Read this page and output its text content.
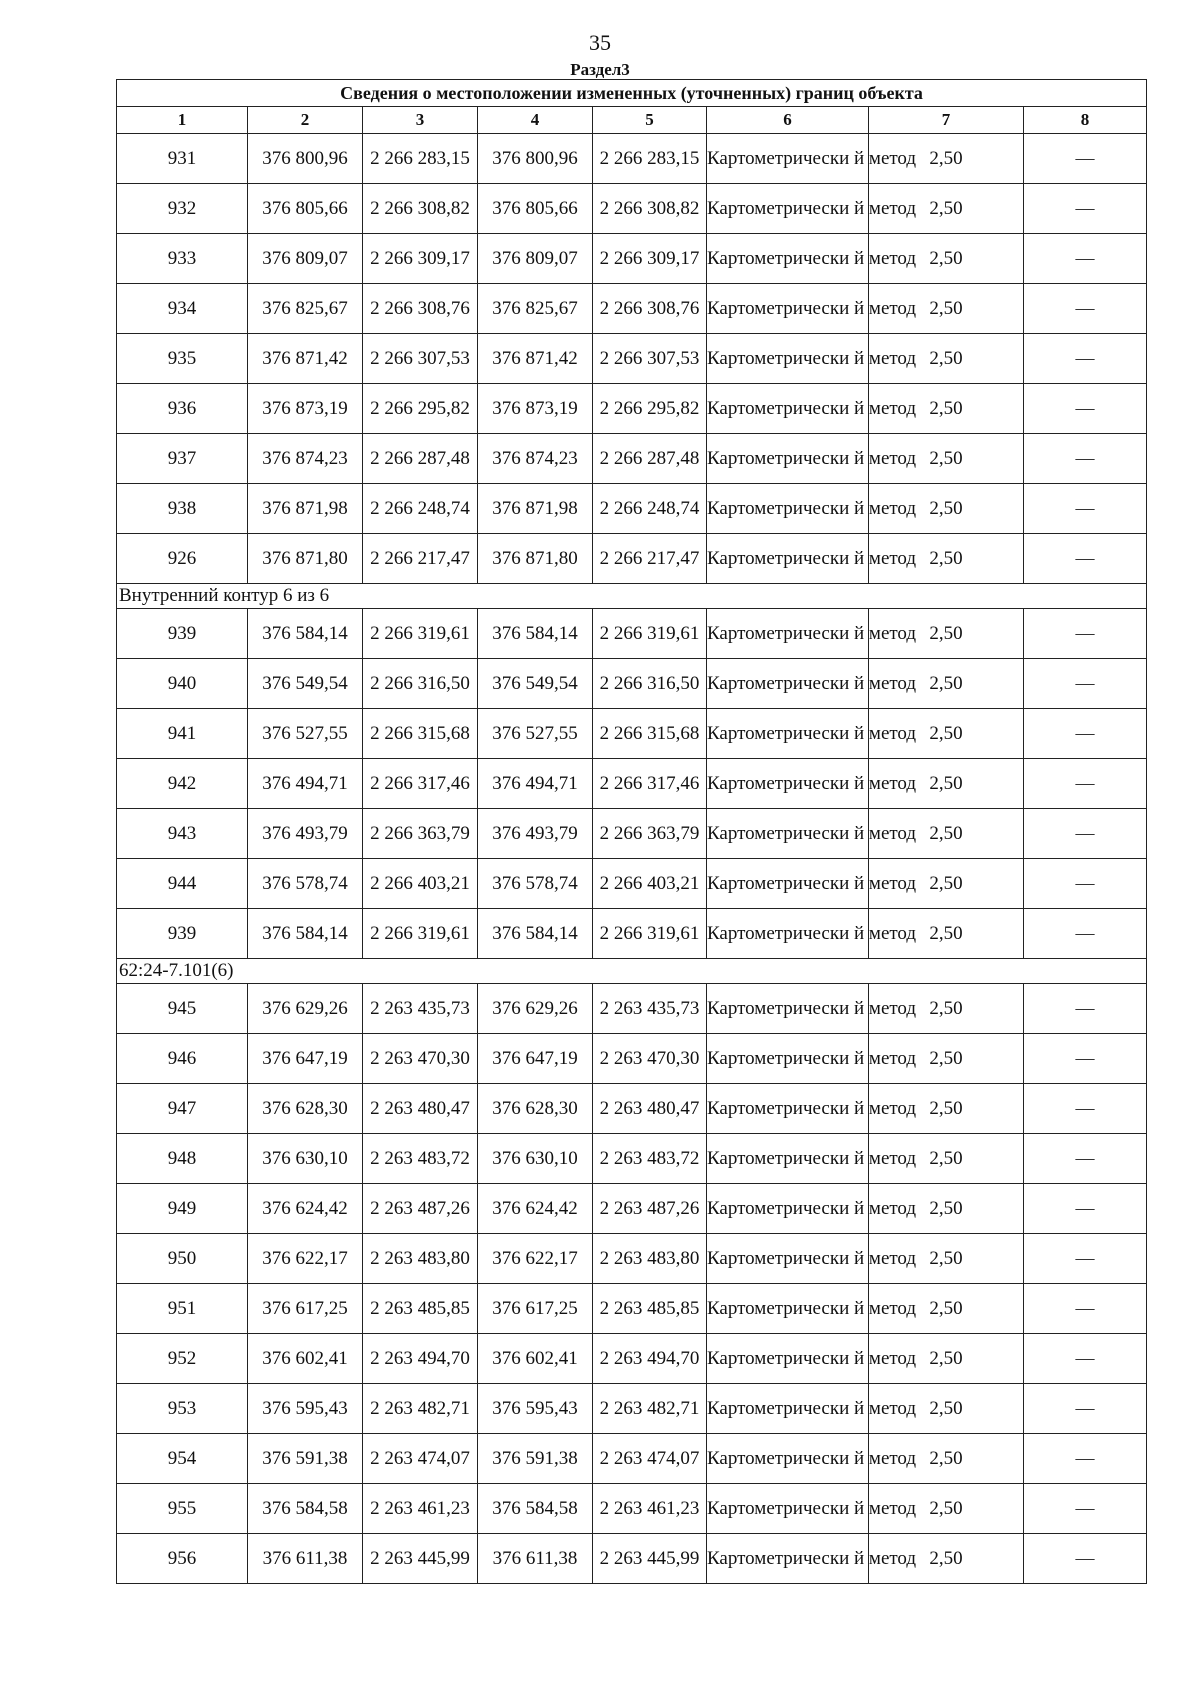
35
Раздел3
Сведения о местоположении измененных (уточненных) границ объекта							
1	2	3	4	5	6	7	8
931	376 800,96	2 266 283,15	376 800,96	2 266 283,15	Картометрически й метод	2,50	—
932	376 805,66	2 266 308,82	376 805,66	2 266 308,82	Картометрически й метод	2,50	—
933	376 809,07	2 266 309,17	376 809,07	2 266 309,17	Картометрически й метод	2,50	—
934	376 825,67	2 266 308,76	376 825,67	2 266 308,76	Картометрически й метод	2,50	—
935	376 871,42	2 266 307,53	376 871,42	2 266 307,53	Картометрически й метод	2,50	—
936	376 873,19	2 266 295,82	376 873,19	2 266 295,82	Картометрически й метод	2,50	—
937	376 874,23	2 266 287,48	376 874,23	2 266 287,48	Картометрически й метод	2,50	—
938	376 871,98	2 266 248,74	376 871,98	2 266 248,74	Картометрически й метод	2,50	—
926	376 871,80	2 266 217,47	376 871,80	2 266 217,47	Картометрически й метод	2,50	—
Внутренний контур 6 из 6							
939	376 584,14	2 266 319,61	376 584,14	2 266 319,61	Картометрически й метод	2,50	—
940	376 549,54	2 266 316,50	376 549,54	2 266 316,50	Картометрически й метод	2,50	—
941	376 527,55	2 266 315,68	376 527,55	2 266 315,68	Картометрически й метод	2,50	—
942	376 494,71	2 266 317,46	376 494,71	2 266 317,46	Картометрически й метод	2,50	—
943	376 493,79	2 266 363,79	376 493,79	2 266 363,79	Картометрически й метод	2,50	—
944	376 578,74	2 266 403,21	376 578,74	2 266 403,21	Картометрически й метод	2,50	—
939	376 584,14	2 266 319,61	376 584,14	2 266 319,61	Картометрически й метод	2,50	—
62:24-7.101(6)							
945	376 629,26	2 263 435,73	376 629,26	2 263 435,73	Картометрически й метод	2,50	—
946	376 647,19	2 263 470,30	376 647,19	2 263 470,30	Картометрически й метод	2,50	—
947	376 628,30	2 263 480,47	376 628,30	2 263 480,47	Картометрически й метод	2,50	—
948	376 630,10	2 263 483,72	376 630,10	2 263 483,72	Картометрически й метод	2,50	—
949	376 624,42	2 263 487,26	376 624,42	2 263 487,26	Картометрически й метод	2,50	—
950	376 622,17	2 263 483,80	376 622,17	2 263 483,80	Картометрически й метод	2,50	—
951	376 617,25	2 263 485,85	376 617,25	2 263 485,85	Картометрически й метод	2,50	—
952	376 602,41	2 263 494,70	376 602,41	2 263 494,70	Картометрически й метод	2,50	—
953	376 595,43	2 263 482,71	376 595,43	2 263 482,71	Картометрически й метод	2,50	—
954	376 591,38	2 263 474,07	376 591,38	2 263 474,07	Картометрически й метод	2,50	—
955	376 584,58	2 263 461,23	376 584,58	2 263 461,23	Картометрически й метод	2,50	—
956	376 611,38	2 263 445,99	376 611,38	2 263 445,99	Картометрически й метод	2,50	—
